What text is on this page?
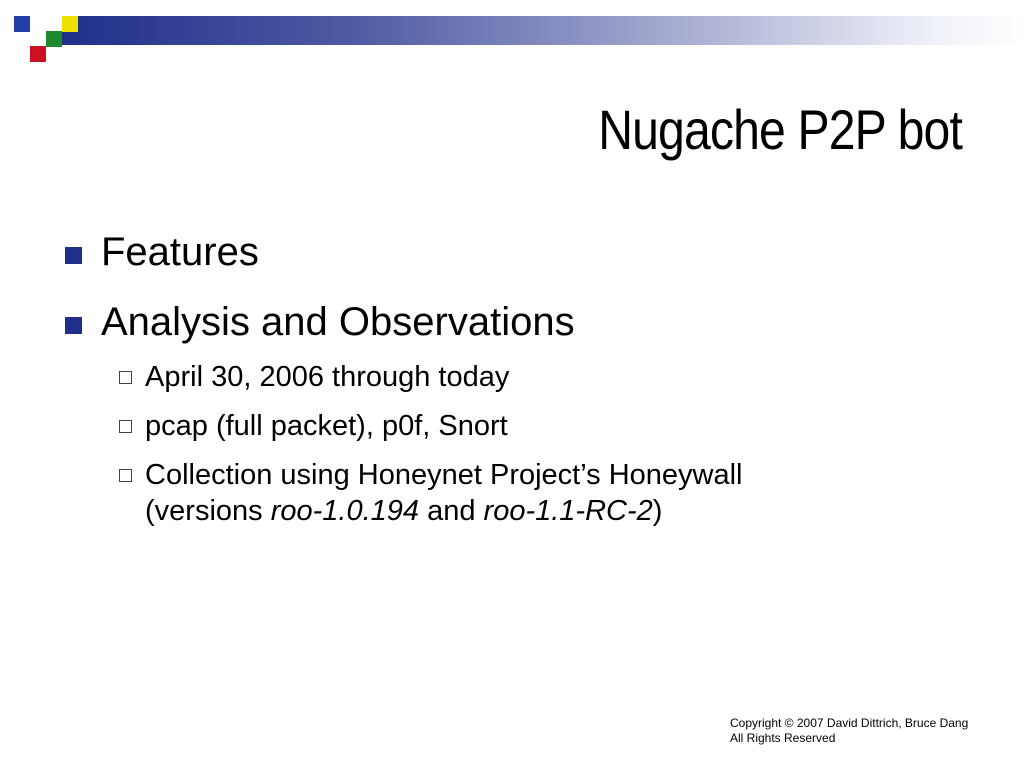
Nugache P2P bot
Features
Analysis and Observations
April 30, 2006 through today
pcap (full packet), p0f, Snort
Collection using Honeynet Project’s Honeywall
(versions roo-1.0.194 and roo-1.1-RC-2)
Copyright © 2007 David Dittrich, Bruce Dang
All Rights Reserved
